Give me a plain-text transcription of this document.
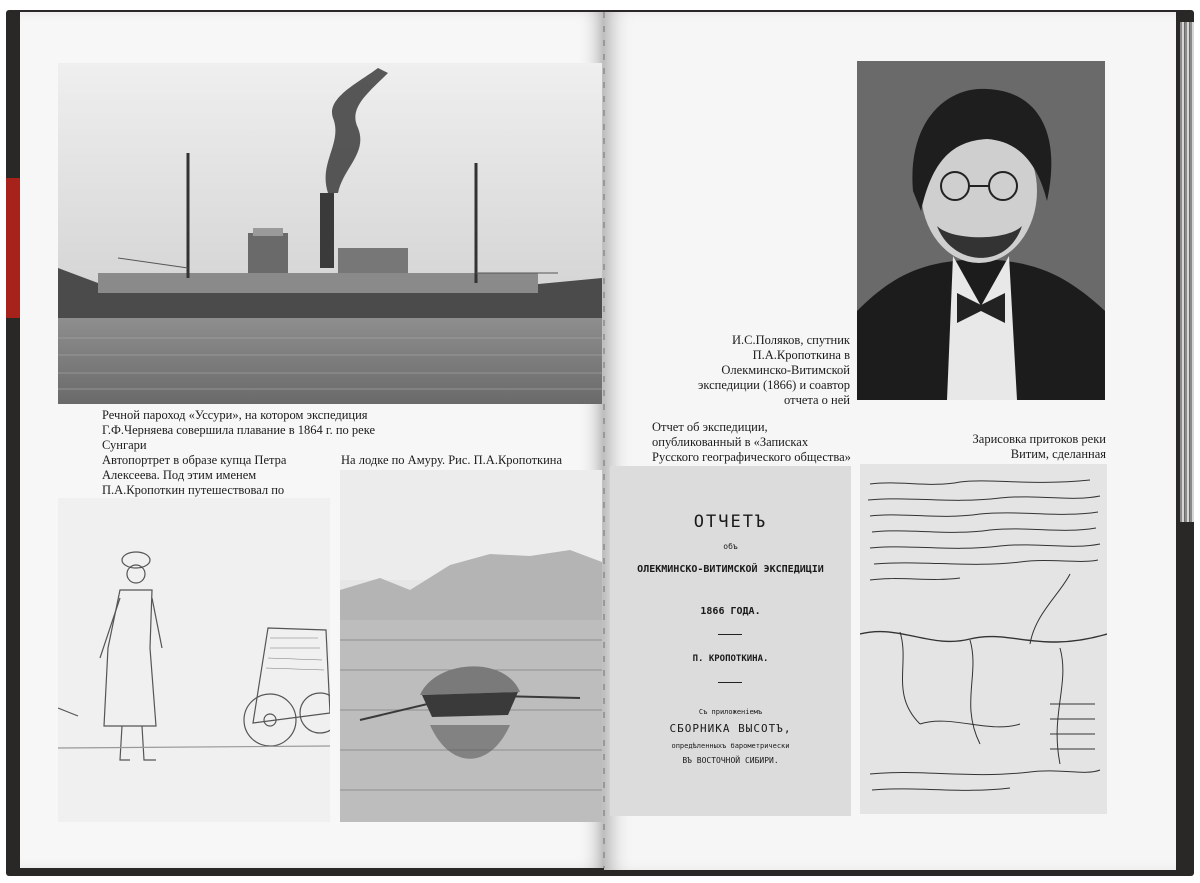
Речной пароход «Уссури», на котором экспедиция Г.Ф.Черняева совершила плавание в 1864 г. по реке Сунгари
Автопортрет в образе купца Петра Алексеева. Под этим именем П.А.Кропоткин путешествовал по
На лодке по Амуру. Рис. П.А.Кропоткина
И.С.Поляков, спутник П.А.Кропоткина в Олекминско-Витимской экспедиции (1866) и соавтор отчета о ней
Отчет об экспедиции, опубликованный в «Записках Русского географического общества»
Зарисовка притоков реки Витим, сделанная
ОТЧЕТЪ
объ
ОЛЕКМИНСКО-ВИТИМСКОЙ ЭКСПЕДИЦІИ
1866 ГОДА.
П. КРОПОТКИНА.
Съ приложеніемъ
СБОРНИКА ВЫСОТЪ,
опредѣленныхъ барометрически
ВЪ ВОСТОЧНОЙ СИБИРИ.
